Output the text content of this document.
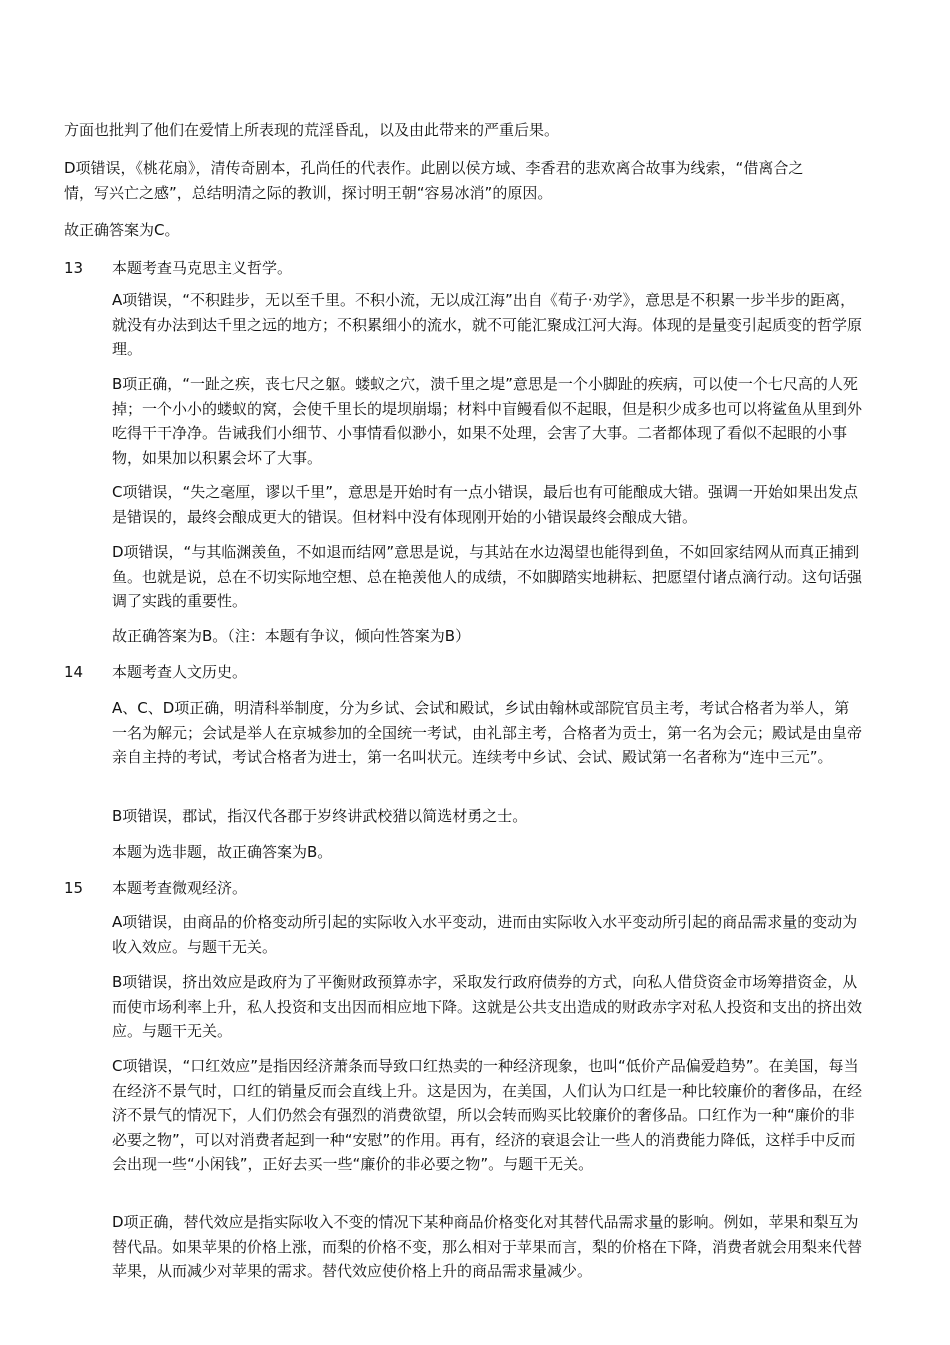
方面也批判了他们在爱情上所表现的荒淫昏乱，以及由此带来的严重后果。

D项错误，《桃花扇》，清传奇剧本，孔尚任的代表作。此剧以侯方域、李香君的悲欢离合故事为线索，“借离合之情，写兴亡之感”，总结明清之际的教训，探讨明王朝“容易冰消”的原因。

故正确答案为C。

13 本题考查马克思主义哲学。

A项错误，“不积跬步，无以至千里。不积小流，无以成江海”出自《荀子·劝学》，意思是不积累一步半步的距离，就没有办法到达千里之远的地方；不积累细小的流水，就不可能汇聚成江河大海。体现的是量变引起质变的哲学原理。

B项正确，“一趾之疾，丧七尺之躯。蝼蚁之穴，溃千里之堤”意思是一个小脚趾的疾病，可以使一个七尺高的人死掉；一个小小的蝼蚁的窝，会使千里长的堤坝崩塌；材料中盲鳗看似不起眼，但是积少成多也可以将鲨鱼从里到外吃得干干净净。告诫我们小细节、小事情看似渺小，如果不处理，会害了大事。二者都体现了看似不起眼的小事物，如果加以积累会坏了大事。

C项错误，“失之毫厘，谬以千里”，意思是开始时有一点小错误，最后也有可能酿成大错。强调一开始如果出发点是错误的，最终会酿成更大的错误。但材料中没有体现刚开始的小错误最终会酿成大错。

D项错误，“与其临渊羡鱼，不如退而结网”意思是说，与其站在水边渴望也能得到鱼，不如回家结网从而真正捕到鱼。也就是说，总在不切实际地空想、总在艳羡他人的成绩，不如脚踏实地耕耘、把愿望付诸点滴行动。这句话强调了实践的重要性。

故正确答案为B。（注：本题有争议，倾向性答案为B）

14 本题考查人文历史。

A、C、D项正确，明清科举制度，分为乡试、会试和殿试，乡试由翰林或部院官员主考，考试合格者为举人，第一名为解元；会试是举人在京城参加的全国统一考试，由礼部主考，合格者为贡士，第一名为会元；殿试是由皇帝亲自主持的考试，考试合格者为进士，第一名叫状元。连续考中乡试、会试、殿试第一名者称为“连中三元”。

B项错误，郡试，指汉代各郡于岁终讲武校猎以简选材勇之士。

本题为选非题，故正确答案为B。

15 本题考查微观经济。

A项错误，由商品的价格变动所引起的实际收入水平变动，进而由实际收入水平变动所引起的商品需求量的变动为收入效应。与题干无关。

B项错误，挤出效应是政府为了平衡财政预算赤字，采取发行政府债券的方式，向私人借贷资金市场筹措资金，从而使市场利率上升，私人投资和支出因而相应地下降。这就是公共支出造成的财政赤字对私人投资和支出的挤出效应。与题干无关。

C项错误，“口红效应”是指因经济萧条而导致口红热卖的一种经济现象，也叫“低价产品偏爱趋势”。在美国，每当在经济不景气时，口红的销量反而会直线上升。这是因为，在美国，人们认为口红是一种比较廉价的奢侈品，在经济不景气的情况下，人们仍然会有强烈的消费欲望，所以会转而购买比较廉价的奢侈品。口红作为一种“廉价的非必要之物”，可以对消费者起到一种“安慰”的作用。再有，经济的衰退会让一些人的消费能力降低，这样手中反而会出现一些“小闲钱”，正好去买一些“廉价的非必要之物”。与题干无关。

D项正确，替代效应是指实际收入不变的情况下某种商品价格变化对其替代品需求量的影响。例如，苹果和梨互为替代品。如果苹果的价格上涨，而梨的价格不变，那么相对于苹果而言，梨的价格在下降，消费者就会用梨来代替苹果，从而减少对苹果的需求。替代效应使价格上升的商品需求量减少。
